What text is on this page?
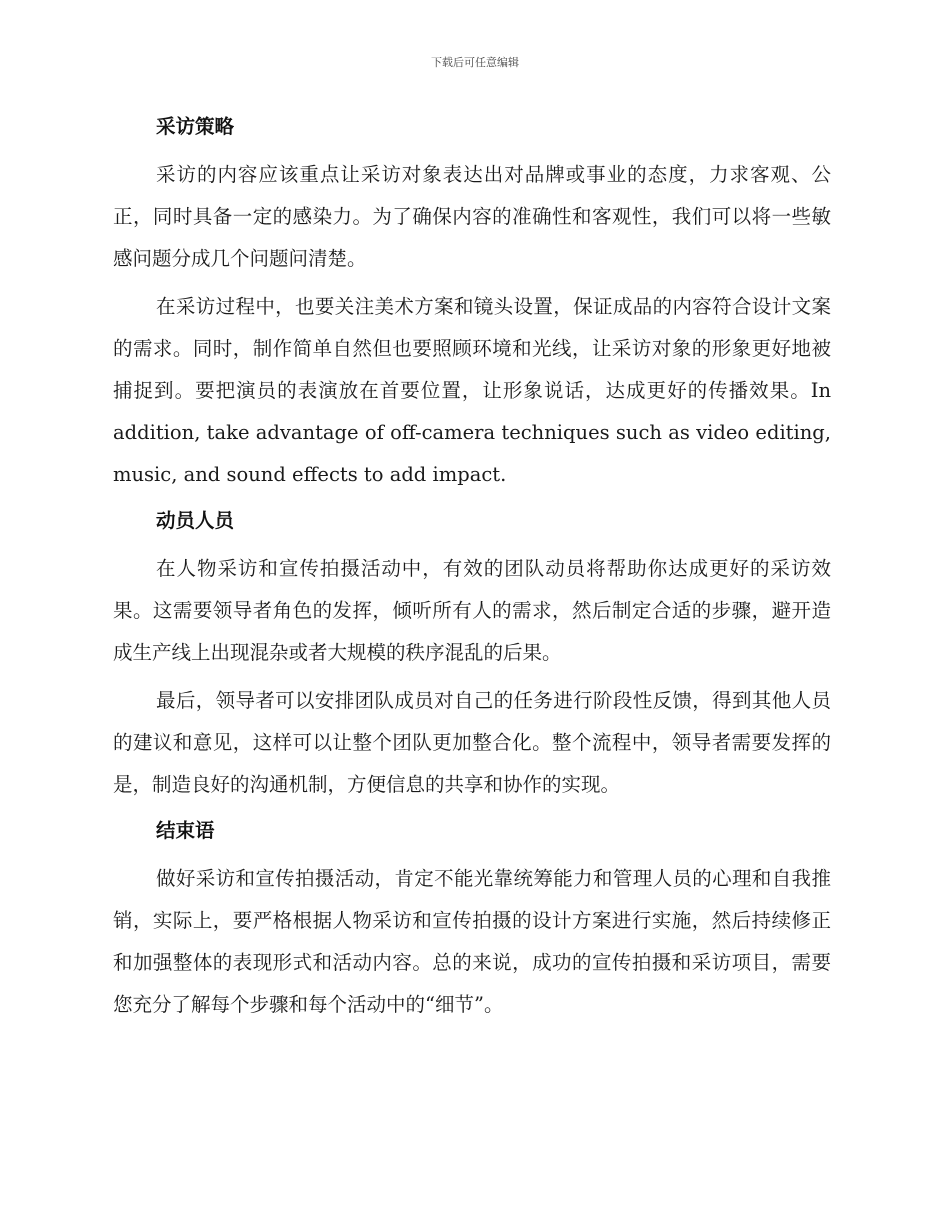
下载后可任意编辑
采访策略

采访的内容应该重点让采访对象表达出对品牌或事业的态度，力求客观、公正，同时具备一定的感染力。为了确保内容的准确性和客观性，我们可以将一些敏感问题分成几个问题问清楚。

在采访过程中，也要关注美术方案和镜头设置，保证成品的内容符合设计文案的需求。同时，制作简单自然但也要照顾环境和光线，让采访对象的形象更好地被捕捉到。要把演员的表演放在首要位置，让形象说话，达成更好的传播效果。In addition, take advantage of off-camera techniques such as video editing, music, and sound effects to add impact.

动员人员

在人物采访和宣传拍摄活动中，有效的团队动员将帮助你达成更好的采访效果。这需要领导者角色的发挥，倾听所有人的需求，然后制定合适的步骤，避开造成生产线上出现混杂或者大规模的秩序混乱的后果。

最后，领导者可以安排团队成员对自己的任务进行阶段性反馈，得到其他人员的建议和意见，这样可以让整个团队更加整合化。整个流程中，领导者需要发挥的是，制造良好的沟通机制，方便信息的共享和协作的实现。

结束语

做好采访和宣传拍摄活动，肯定不能光靠统筹能力和管理人员的心理和自我推销，实际上，要严格根据人物采访和宣传拍摄的设计方案进行实施，然后持续修正和加强整体的表现形式和活动内容。总的来说，成功的宣传拍摄和采访项目，需要您充分了解每个步骤和每个活动中的“细节”。
